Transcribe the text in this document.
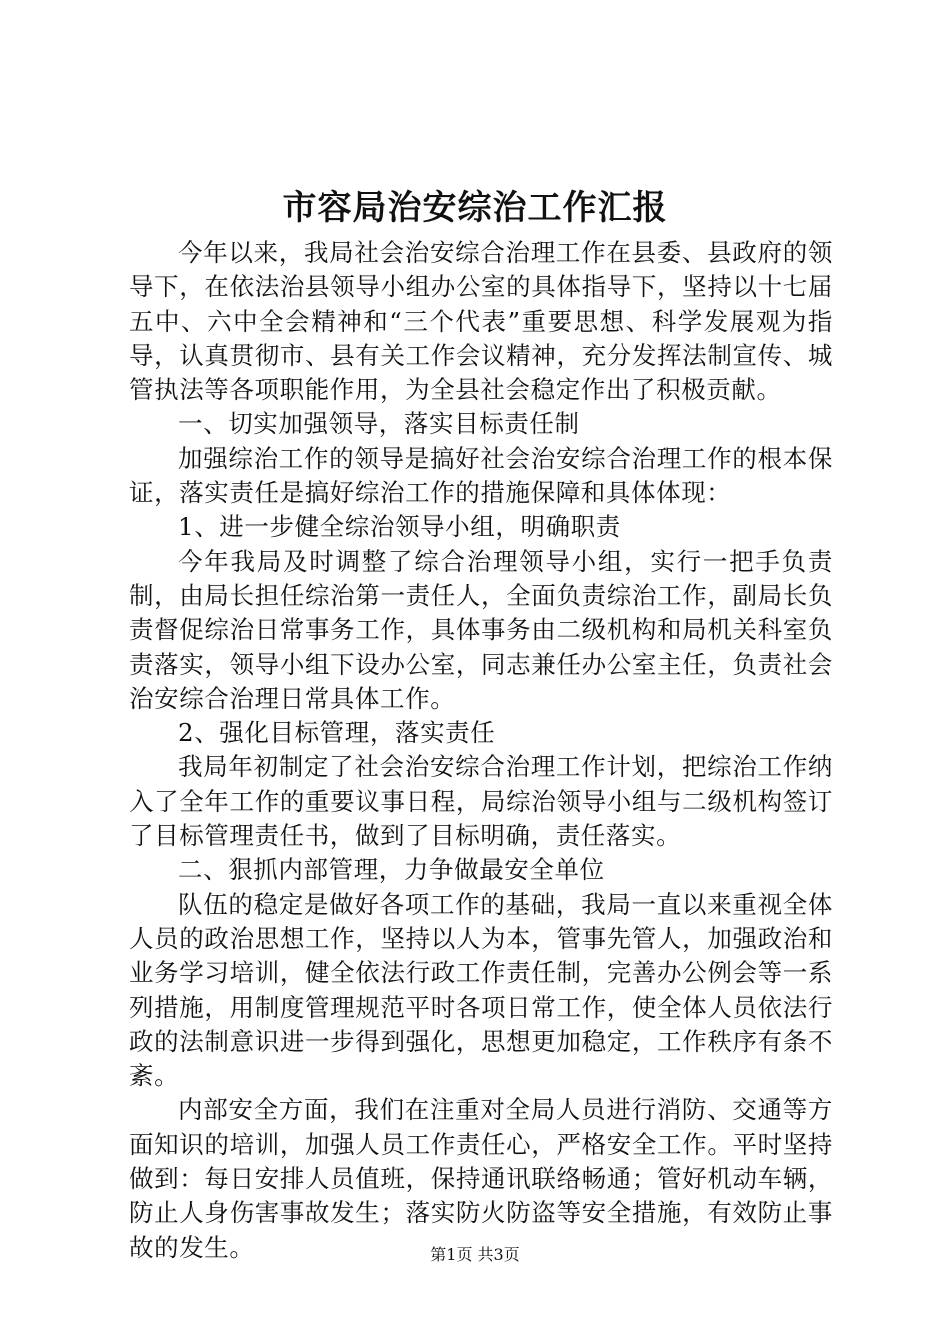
市容局治安综治工作汇报

今年以来，我局社会治安综合治理工作在县委、县政府的领导下，在依法治县领导小组办公室的具体指导下，坚持以十七届五中、六中全会精神和“三个代表”重要思想、科学发展观为指导，认真贯彻市、县有关工作会议精神，充分发挥法制宣传、城管执法等各项职能作用，为全县社会稳定作出了积极贡献。

一、切实加强领导，落实目标责任制

加强综治工作的领导是搞好社会治安综合治理工作的根本保证，落实责任是搞好综治工作的措施保障和具体体现：

1、进一步健全综治领导小组，明确职责

今年我局及时调整了综合治理领导小组，实行一把手负责制，由局长担任综治第一责任人，全面负责综治工作，副局长负责督促综治日常事务工作，具体事务由二级机构和局机关科室负责落实，领导小组下设办公室，同志兼任办公室主任，负责社会治安综合治理日常具体工作。

2、强化目标管理，落实责任

我局年初制定了社会治安综合治理工作计划，把综治工作纳入了全年工作的重要议事日程，局综治领导小组与二级机构签订了目标管理责任书，做到了目标明确，责任落实。

二、狠抓内部管理，力争做最安全单位

队伍的稳定是做好各项工作的基础，我局一直以来重视全体人员的政治思想工作，坚持以人为本，管事先管人，加强政治和业务学习培训，健全依法行政工作责任制，完善办公例会等一系列措施，用制度管理规范平时各项日常工作，使全体人员依法行政的法制意识进一步得到强化，思想更加稳定，工作秩序有条不紊。

内部安全方面，我们在注重对全局人员进行消防、交通等方面知识的培训，加强人员工作责任心，严格安全工作。平时坚持做到：每日安排人员值班，保持通讯联络畅通；管好机动车辆，防止人身伤害事故发生；落实防火防盗等安全措施，有效防止事故的发生。	第1页 共3页
